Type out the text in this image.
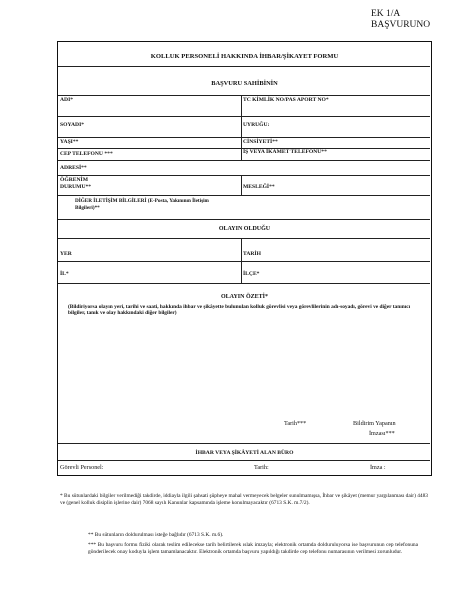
EK 1/A
BAŞVURUNO
KOLLUK PERSONELİ HAKKINDA İHBAR/ŞİKAYET FORMU
BAŞVURU SAHİBİNİN
ADI*	TC KİMLİK NO/PAS APORT NO*
SOYADI*	UYRUĞU:
YAŞI**	CİNSİYETİ**
CEP TELEFONU ***	İŞ VEYA İKAMET TELEFONU**
ADRESİ**
ÖĞRENİM
DURUMU**	MESLEĞİ**
DİĞER İLETİŞİM BİLGİLERİ (E-Posta, Yakınının İletişim Bilgileri)**
OLAYIN OLDUĞU
YER	TARİH
İL*	İLÇE*
OLAYIN ÖZETİ*
(Bildiriyorsa olayın yeri, tarihi ve saati, hakkında ihbar ve şikâyette bulunulan kolluk görevlisi veya görevlilerinin adı-soyadı, görevi ve diğer tanınıcı bilgiler, tanık ve olay hakkındaki diğer bilgiler)
Tarih***	Bildirim Yapanın
İmzası***
İHBAR VEYA ŞİKÂYETİ ALAN BÜRO
Görevli Personel:	Tarih:	İmza :
* Bu sütunlardaki bilgiler verilmediği takdirde, iddiayla ilgili şahsati şüpheye mahal vermeyecek belgeler sunulmamışsa, İhbar ve şikâyet (memur yargılanması dair) 4483 ve (genel kolluk disiplin işlerine dair) 7068 sayılı Kanunlar kapsamında işleme konulmayacaktır (6713 S.K. m.7/2).
** Bu sütunların doldurulması isteğe bağlıdır (6713 S.K. m.6).
*** Bu başvuru formu fiziki olarak teslim edilecekse tarih belirtilerek ıslak imzayla; elektronik ortamda dolduruluyorsa ise başvurunun cep telefonuna gönderilecek onay koduyla işlem tamamlanacaktır. Elektronik ortamda başvuru yapıldığı takdirde cep telefonu numarasının verilmesi zorunludur.
